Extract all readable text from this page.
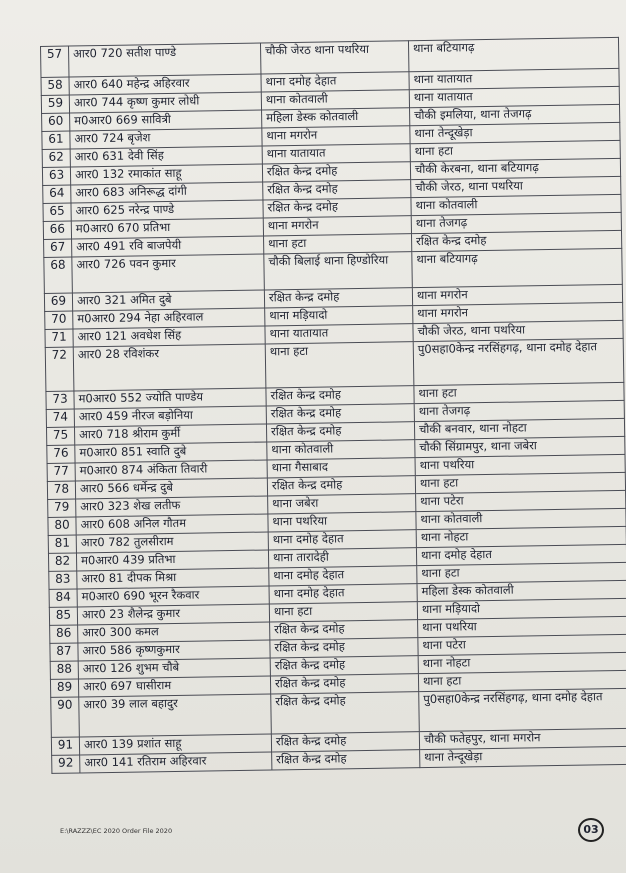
57	आर0 720 सतीश पाण्डे	चौकी जेरठ थाना पथरिया	थाना बटियागढ़
58	आर0 640 महेन्द्र अहिरवार	थाना दमोह देहात	थाना यातायात
59	आर0 744 कृष्ण कुमार लोधी	थाना कोतवाली	थाना यातायात
60	म0आर0 669 सावित्री	महिला डेस्क कोतवाली	चौकी इमलिया, थाना तेजगढ़
61	आर0 724 बृजेश	थाना मगरोन	थाना तेन्दूखेड़ा
62	आर0 631 देवी सिंह	थाना यातायात	थाना हटा
63	आर0 132 रमाकांत साहू	रक्षित केन्द्र दमोह	चौकी केरबना, थाना बटियागढ़
64	आर0 683 अनिरूद्ध दांगी	रक्षित केन्द्र दमोह	चौकी जेरठ, थाना पथरिया
65	आर0 625 नरेन्द्र पाण्डे	रक्षित केन्द्र दमोह	थाना कोतवाली
66	म0आर0 670 प्रतिभा	थाना मगरोन	थाना तेजगढ़
67	आर0 491 रवि बाजपेयी	थाना हटा	रक्षित केन्द्र दमोह
68	आर0 726 पवन कुमार	चौकी बिलाई थाना हिण्डोरिया	थाना बटियागढ़
69	आर0 321 अमित दुबे	रक्षित केन्द्र दमोह	थाना मगरोन
70	म0आर0 294 नेहा अहिरवाल	थाना मड़ियादो	थाना मगरोन
71	आर0 121 अवधेश सिंह	थाना यातायात	चौकी जेरठ, थाना पथरिया
72	आर0 28 रविशंकर	थाना हटा	पु0सहा0केन्द्र नरसिंहगढ़, थाना दमोह देहात
73	म0आर0 552 ज्योति पाण्डेय	रक्षित केन्द्र दमोह	थाना हटा
74	आर0 459 नीरज बड़ोनिया	रक्षित केन्द्र दमोह	थाना तेजगढ़
75	आर0 718 श्रीराम कुर्मी	रक्षित केन्द्र दमोह	चौकी बनवार, थाना नोहटा
76	म0आर0 851 स्वाति दुबे	थाना कोतवाली	चौकी सिंग्रामपुर, थाना जबेरा
77	म0आर0 874 अंकिता तिवारी	थाना गैसाबाद	थाना पथरिया
78	आर0 566 धर्मेन्द्र दुबे	रक्षित केन्द्र दमोह	थाना हटा
79	आर0 323 शेख लतीफ	थाना जबेरा	थाना पटेरा
80	आर0 608 अनिल गौतम	थाना पथरिया	थाना कोतवाली
81	आर0 782 तुलसीराम	थाना दमोह देहात	थाना नोहटा
82	म0आर0 439 प्रतिभा	थाना तारादेही	थाना दमोह देहात
83	आर0 81 दीपक मिश्रा	थाना दमोह देहात	थाना हटा
84	म0आर0 690 भूरन रैकवार	थाना दमोह देहात	महिला डेस्क कोतवाली
85	आर0 23 शैलेन्द्र कुमार	थाना हटा	थाना मड़ियादो
86	आर0 300 कमल	रक्षित केन्द्र दमोह	थाना पथरिया
87	आर0 586 कृष्णकुमार	रक्षित केन्द्र दमोह	थाना पटेरा
88	आर0 126 शुभम चौबे	रक्षित केन्द्र दमोह	थाना नोहटा
89	आर0 697 घासीराम	रक्षित केन्द्र दमोह	थाना हटा
90	आर0 39 लाल बहादुर	रक्षित केन्द्र दमोह	पु0सहा0केन्द्र नरसिंहगढ़, थाना दमोह देहात
91	आर0 139 प्रशांत साहू	रक्षित केन्द्र दमोह	चौकी फतेहपुर, थाना मगरोन
92	आर0 141 रतिराम अहिरवार	रक्षित केन्द्र दमोह	थाना तेन्दूखेड़ा
E:\RAZZZ\EC 2020 Order File 2020	03
